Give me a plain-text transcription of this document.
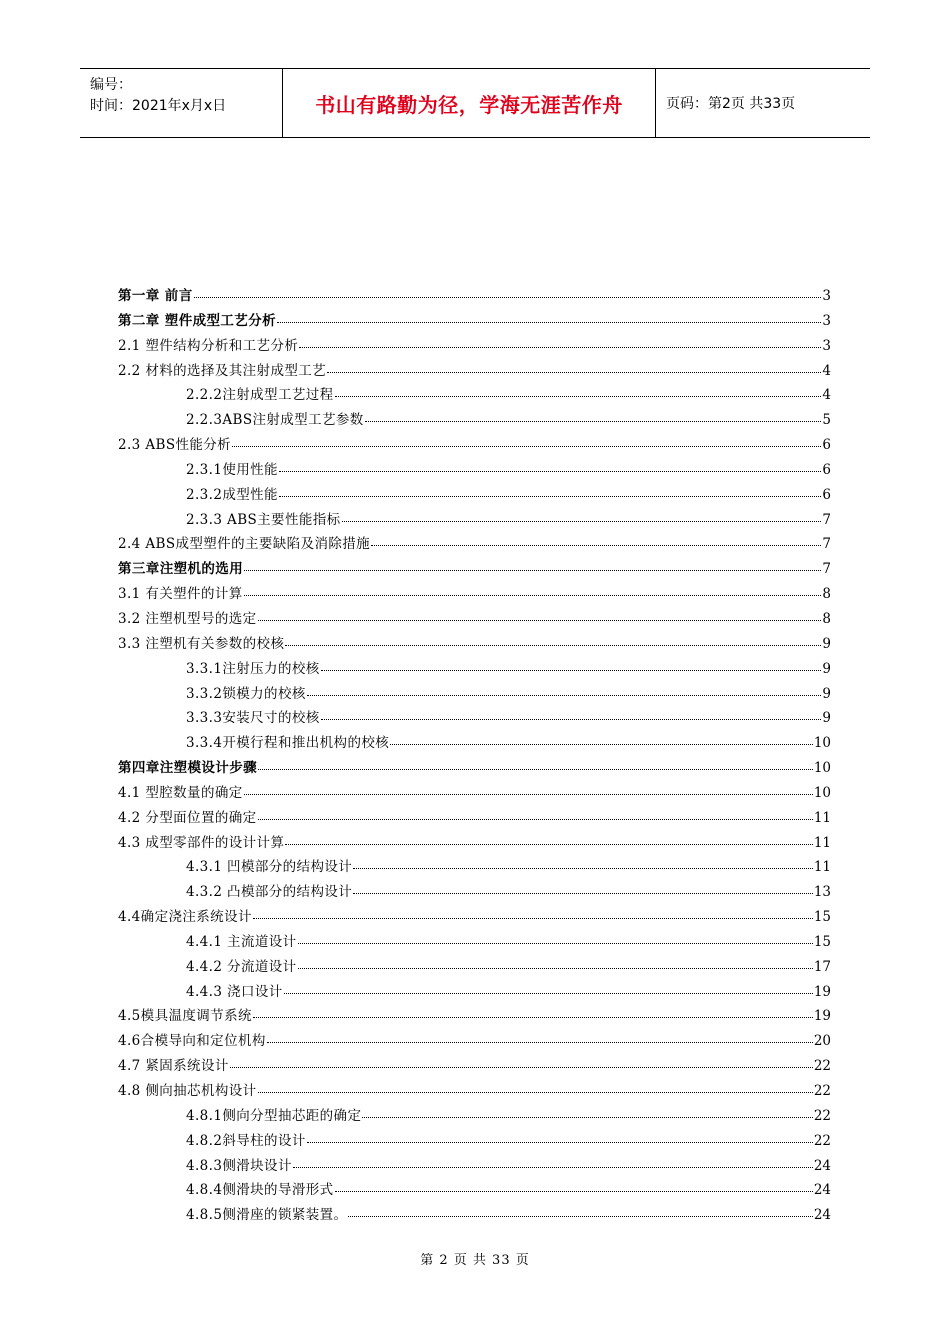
编号：
时间：2021年x月x日	书山有路勤为径，学海无涯苦作舟	页码：第2页 共33页
第一章 前言	3
第二章 塑件成型工艺分析	3
2.1 塑件结构分析和工艺分析	3
2.2 材料的选择及其注射成型工艺	4
2.2.2注射成型工艺过程	4
2.2.3ABS注射成型工艺参数	5
2.3 ABS性能分析	6
2.3.1使用性能	6
2.3.2成型性能	6
2.3.3 ABS主要性能指标	7
2.4 ABS成型塑件的主要缺陷及消除措施	7
第三章注塑机的选用	7
3.1 有关塑件的计算	8
3.2 注塑机型号的选定	8
3.3 注塑机有关参数的校核	9
3.3.1注射压力的校核	9
3.3.2锁模力的校核	9
3.3.3安装尺寸的校核	9
3.3.4开模行程和推出机构的校核	10
第四章注塑模设计步骤	10
4.1 型腔数量的确定	10
4.2 分型面位置的确定	11
4.3 成型零部件的设计计算	11
4.3.1 凹模部分的结构设计	11
4.3.2 凸模部分的结构设计	13
4.4确定浇注系统设计	15
4.4.1 主流道设计	15
4.4.2 分流道设计	17
4.4.3 浇口设计	19
4.5模具温度调节系统	19
4.6合模导向和定位机构	20
4.7 紧固系统设计	22
4.8 侧向抽芯机构设计	22
4.8.1侧向分型抽芯距的确定	22
4.8.2斜导柱的设计	22
4.8.3侧滑块设计	24
4.8.4侧滑块的导滑形式	24
4.8.5侧滑座的锁紧装置。	24
第 2 页 共 33 页
